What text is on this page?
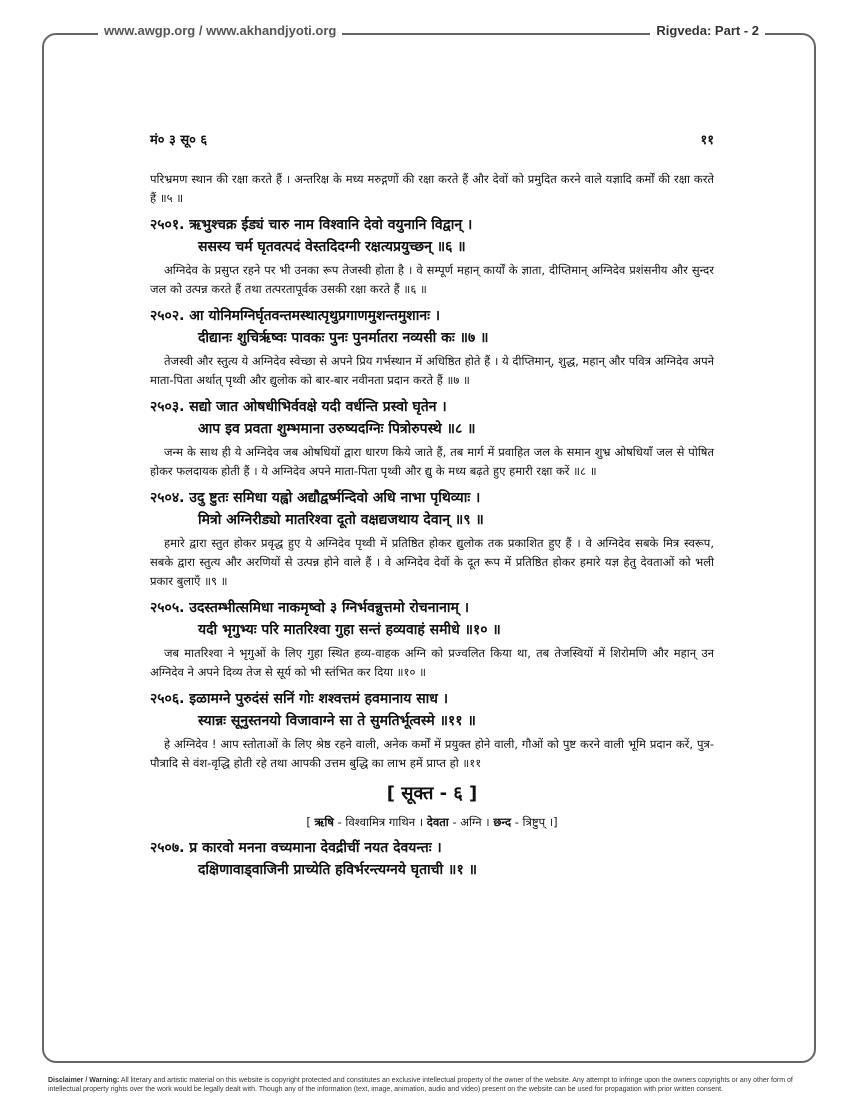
www.awgp.org / www.akhandjyoti.org	Rigveda: Part - 2
मं० ३ सू० ६	११

परिभ्रमण स्थान की रक्षा करते हैं । अन्तरिक्ष के मध्य मरुद्गणों की रक्षा करते हैं और देवों को प्रमुदित करने वाले यज्ञादि कर्मों की रक्षा करते हैं ॥५ ॥

२५०१. ऋभुश्चक्र ईड्यं चारु नाम विश्वानि देवो वयुनानि विद्वान् ।

ससस्य चर्म घृतवत्पदं वेस्तदिदग्नी रक्षत्यप्रयुच्छन् ॥६ ॥

अग्निदेव के प्रसुप्त रहने पर भी उनका रूप तेजस्वी होता है । वे सम्पूर्ण महान् कार्यों के ज्ञाता, दीप्तिमान् अग्निदेव प्रशंसनीय और सुन्दर जल को उत्पन्न करते हैं तथा तत्परतापूर्वक उसकी रक्षा करते हैं ॥६ ॥

२५०२. आ योनिमग्निर्घृतवन्तमस्थात्पृथुप्रगाणमुशन्तमुशानः ।

दीद्यानः शुचिर्ऋष्वः पावकः पुनः पुनर्मातरा नव्यसी कः ॥७ ॥

तेजस्वी और स्तुत्य ये अग्निदेव स्वेच्छा से अपने प्रिय गर्भस्थान में अधिष्ठित होते हैं । ये दीप्तिमान्, शुद्ध, महान् और पवित्र अग्निदेव अपने माता-पिता अर्थात् पृथ्वी और द्युलोक को बार-बार नवीनता प्रदान करते हैं ॥७ ॥

२५०३. सद्यो जात ओषधीभिर्ववक्षे यदी वर्धन्ति प्रस्वो घृतेन ।

आप इव प्रवता शुम्भमाना उरुष्यदग्निः पित्रोरुपस्थे ॥८ ॥

जन्म के साथ ही ये अग्निदेव जब ओषधियों द्वारा धारण किये जाते हैं, तब मार्ग में प्रवाहित जल के समान शुभ्र ओषधियाँ जल से पोषित होकर फलदायक होती हैं । ये अग्निदेव अपने माता-पिता पृथ्वी और द्यु के मध्य बढ़ते हुए हमारी रक्षा करें ॥८ ॥

२५०४. उदु ष्टुतः समिधा यह्वो अद्यौद्वर्ष्मन्दिवो अधि नाभा पृथिव्याः ।

मित्रो अग्निरीड्यो मातरिश्वा दूतो वक्षद्यजथाय देवान् ॥९ ॥

हमारे द्वारा स्तुत होकर प्रवृद्ध हुए ये अग्निदेव पृथ्वी में प्रतिष्ठित होकर द्युलोक तक प्रकाशित हुए हैं । वे अग्निदेव सबके मित्र स्वरूप, सबके द्वारा स्तुत्य और अरणियों से उत्पन्न होने वाले हैं । वे अग्निदेव देवों के दूत रूप में प्रतिष्ठित होकर हमारे यज्ञ हेतु देवताओं को भली प्रकार बुलाएँ ॥९ ॥

२५०५. उदस्तम्भीत्समिधा नाकमृष्वो ३ ग्निर्भवन्नुत्तमो रोचनानाम् ।

यदी भृगुभ्यः परि मातरिश्वा गुहा सन्तं हव्यवाहं समीधे ॥१० ॥

जब मातरिश्वा ने भृगुओं के लिए गुहा स्थित हव्य-वाहक अग्नि को प्रज्वलित किया था, तब तेजस्वियों में शिरोमणि और महान् उन अग्निदेव ने अपने दिव्य तेज से सूर्य को भी स्तंभित कर दिया ॥१० ॥

२५०६. इळामग्ने पुरुदंसं सनिं गोः शश्वत्तमं हवमानाय साध ।

स्यान्नः सूनुस्तनयो विजावाग्ने सा ते सुमतिर्भूत्वस्मे ॥११ ॥

हे अग्निदेव ! आप स्तोताओं के लिए श्रेष्ठ रहने वाली, अनेक कर्मों में प्रयुक्त होने वाली, गौओं को पुष्ट करने वाली भूमि प्रदान करें, पुत्र-पौत्रादि से वंश-वृद्धि होती रहे तथा आपकी उत्तम बुद्धि का लाभ हमें प्राप्त हो ॥११

[ सूक्त - ६ ]
[ ऋषि - विश्वामित्र गाथिन । देवता - अग्नि । छन्द - त्रिष्टुप् ।]

२५०७. प्र कारवो मनना वच्यमाना देवद्रीचीं नयत देवयन्तः ।

दक्षिणावाड्वाजिनी प्राच्येति हविर्भरन्त्यग्नये घृताची ॥१ ॥

Disclaimer / Warning: All literary and artistic material on this website is copyright protected and constitutes an exclusive intellectual property of the owner of the website. Any attempt to infringe upon the owners copyrights or any other form of intellectual property rights over the work would be legally dealt with. Though any of the information (text, image, animation, audio and video) present on the website can be used for propagation with prior written consent.
